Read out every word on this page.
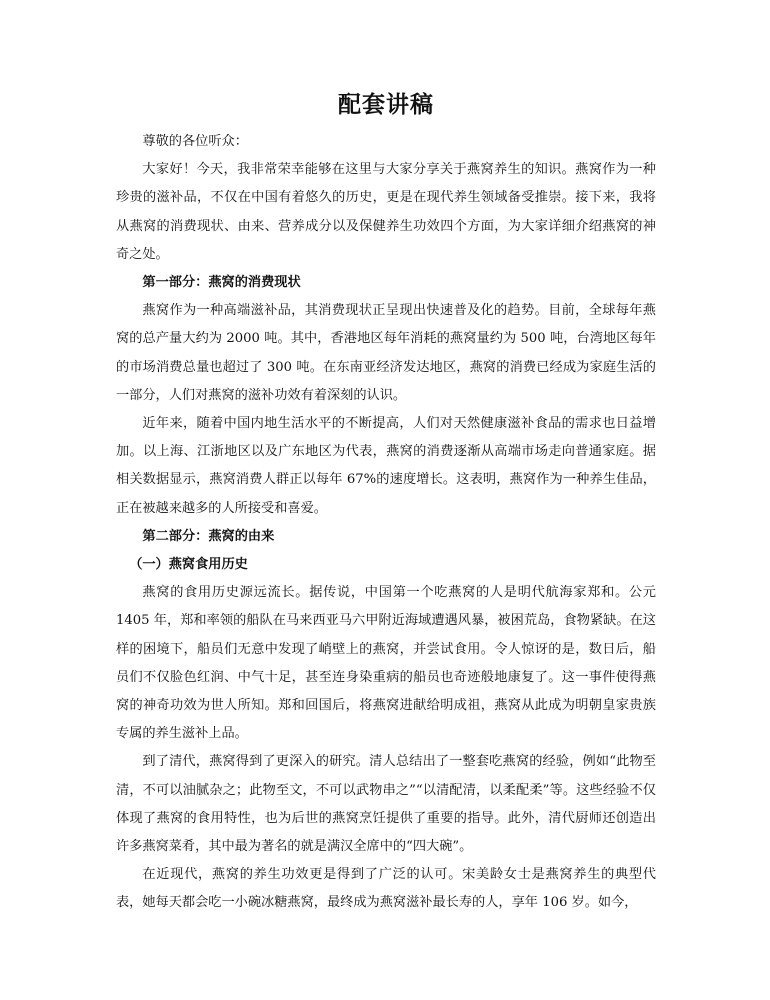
配套讲稿

尊敬的各位听众：

大家好！今天，我非常荣幸能够在这里与大家分享关于燕窝养生的知识。燕窝作为一种珍贵的滋补品，不仅在中国有着悠久的历史，更是在现代养生领域备受推崇。接下来，我将从燕窝的消费现状、由来、营养成分以及保健养生功效四个方面，为大家详细介绍燕窝的神奇之处。

第一部分：燕窝的消费现状

燕窝作为一种高端滋补品，其消费现状正呈现出快速普及化的趋势。目前，全球每年燕窝的总产量大约为 2000 吨。其中，香港地区每年消耗的燕窝量约为 500 吨，台湾地区每年的市场消费总量也超过了 300 吨。在东南亚经济发达地区，燕窝的消费已经成为家庭生活的一部分，人们对燕窝的滋补功效有着深刻的认识。

近年来，随着中国内地生活水平的不断提高，人们对天然健康滋补食品的需求也日益增加。以上海、江浙地区以及广东地区为代表，燕窝的消费逐渐从高端市场走向普通家庭。据相关数据显示，燕窝消费人群正以每年 67%的速度增长。这表明，燕窝作为一种养生佳品，正在被越来越多的人所接受和喜爱。

第二部分：燕窝的由来

（一）燕窝食用历史

燕窝的食用历史源远流长。据传说，中国第一个吃燕窝的人是明代航海家郑和。公元 1405 年，郑和率领的船队在马来西亚马六甲附近海域遭遇风暴，被困荒岛，食物紧缺。在这样的困境下，船员们无意中发现了峭壁上的燕窝，并尝试食用。令人惊讶的是，数日后，船员们不仅脸色红润、中气十足，甚至连身染重病的船员也奇迹般地康复了。这一事件使得燕窝的神奇功效为世人所知。郑和回国后，将燕窝进献给明成祖，燕窝从此成为明朝皇家贵族专属的养生滋补上品。

到了清代，燕窝得到了更深入的研究。清人总结出了一整套吃燕窝的经验，例如“此物至清，不可以油腻杂之；此物至文，不可以武物串之”“以清配清，以柔配柔”等。这些经验不仅体现了燕窝的食用特性，也为后世的燕窝烹饪提供了重要的指导。此外，清代厨师还创造出许多燕窝菜肴，其中最为著名的就是满汉全席中的“四大碗”。

在近现代，燕窝的养生功效更是得到了广泛的认可。宋美龄女士是燕窝养生的典型代表，她每天都会吃一小碗冰糖燕窝，最终成为燕窝滋补最长寿的人，享年 106 岁。如今，
